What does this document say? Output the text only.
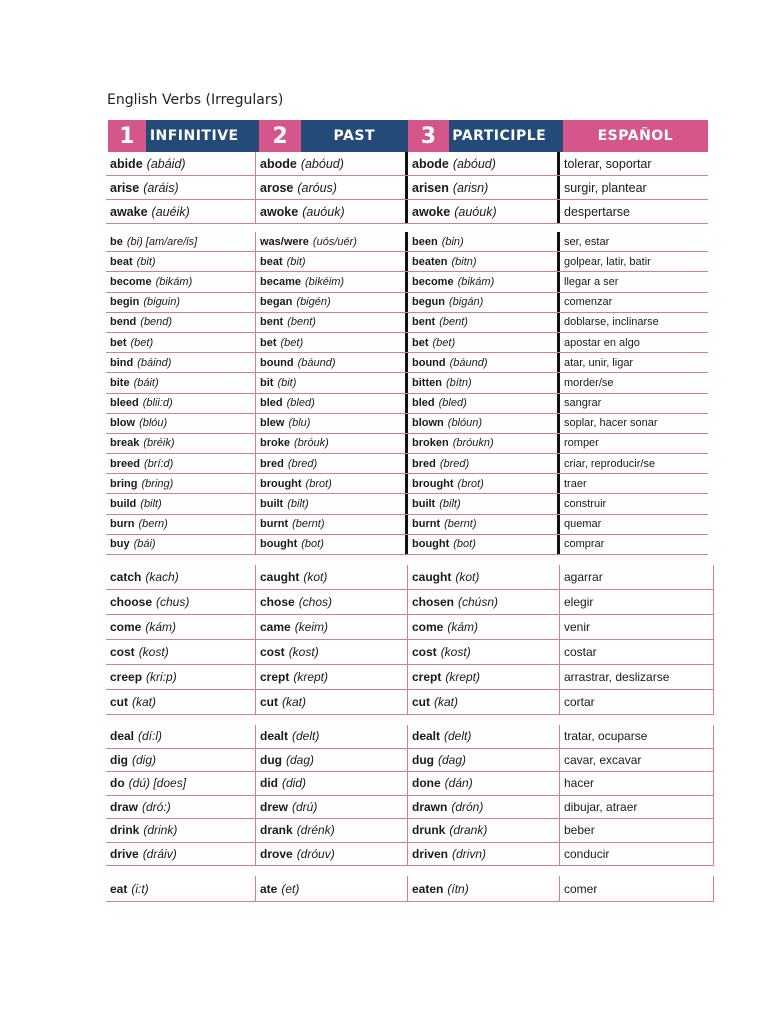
English Verbs (Irregulars)
1	INFINITIVE	2	PAST	3	PARTICIPLE	ESPAÑOL
abide (abáid)	abode (abóud)	abode (abóud)	tolerar, soportar
arise (aráis)	arose (aróus)	arisen (arisn)	surgir, plantear
awake (auéik)	awoke (auóuk)	awoke (auóuk)	despertarse
be (bi) [am/are/is]	was/were (uós/uér)	been (bin)	ser, estar
beat (bit)	beat (bit)	beaten (bitn)	golpear, latir, batir
become (bikám)	became (bikéim)	become (bikám)	llegar a ser
begin (biguin)	began (bigén)	begun (bigán)	comenzar
bend (bend)	bent (bent)	bent (bent)	doblarse, inclinarse
bet (bet)	bet (bet)	bet (bet)	apostar en algo
bind (báind)	bound (báund)	bound (báund)	atar, unir, ligar
bite (báit)	bit (bit)	bitten (bítn)	morder/se
bleed (blii:d)	bled (bled)	bled (bled)	sangrar
blow (blóu)	blew (blu)	blown (blóun)	soplar, hacer sonar
break (bréik)	broke (bróuk)	broken (bróukn)	romper
breed (brí:d)	bred (bred)	bred (bred)	criar, reproducir/se
bring (bring)	brought (brot)	brought (brot)	traer
build (bilt)	built (bilt)	built (bilt)	construir
burn (bern)	burnt (bernt)	burnt (bernt)	quemar
buy (bái)	bought (bot)	bought (bot)	comprar
catch (kach)	caught (kot)	caught (kot)	agarrar
choose (chus)	chose (chos)	chosen (chúsn)	elegir
come (kám)	came (keim)	come (kám)	venir
cost (kost)	cost (kost)	cost (kost)	costar
creep (kri:p)	crept (krept)	crept (krept)	arrastrar, deslizarse
cut (kat)	cut (kat)	cut (kat)	cortar
deal (dí:l)	dealt (delt)	dealt (delt)	tratar, ocuparse
dig (dig)	dug (dag)	dug (dag)	cavar, excavar
do (dú) [does]	did (did)	done (dán)	hacer
draw (dró:)	drew (drú)	drawn (drón)	dibujar, atraer
drink (drink)	drank (drénk)	drunk (drank)	beber
drive (dráiv)	drove (dróuv)	driven (drivn)	conducir
eat (i:t)	ate (et)	eaten (ítn)	comer
